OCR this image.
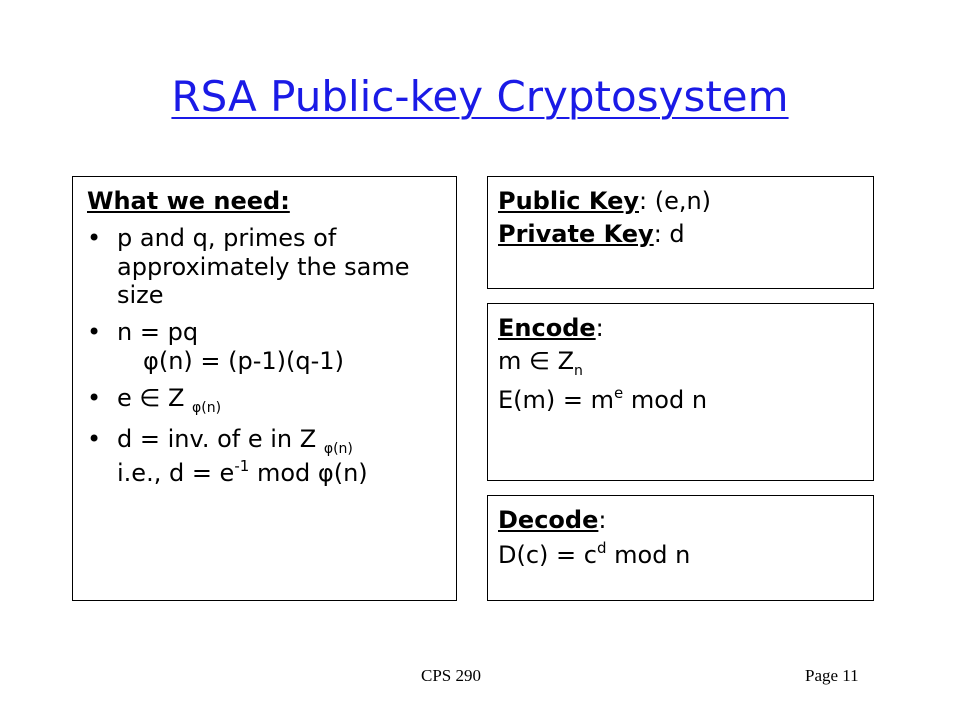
RSA Public-key Cryptosystem
What we need:
• p and q, primes of approximately the same size
• n = pq
φ(n) = (p-1)(q-1)
• e ∈ Z $_{\varphi(n)}$
• d = inv. of e in Z $_{\varphi(n)}$
i.e., $d = e^{-1}$ mod φ(n)
Public Key: (e,n)
Private Key: d
Encode:
m ∈ $Z_n$
$E(m) = m^e$ mod n
Decode:
$D(c) = c^d$ mod n
CPS 290	Page 11
